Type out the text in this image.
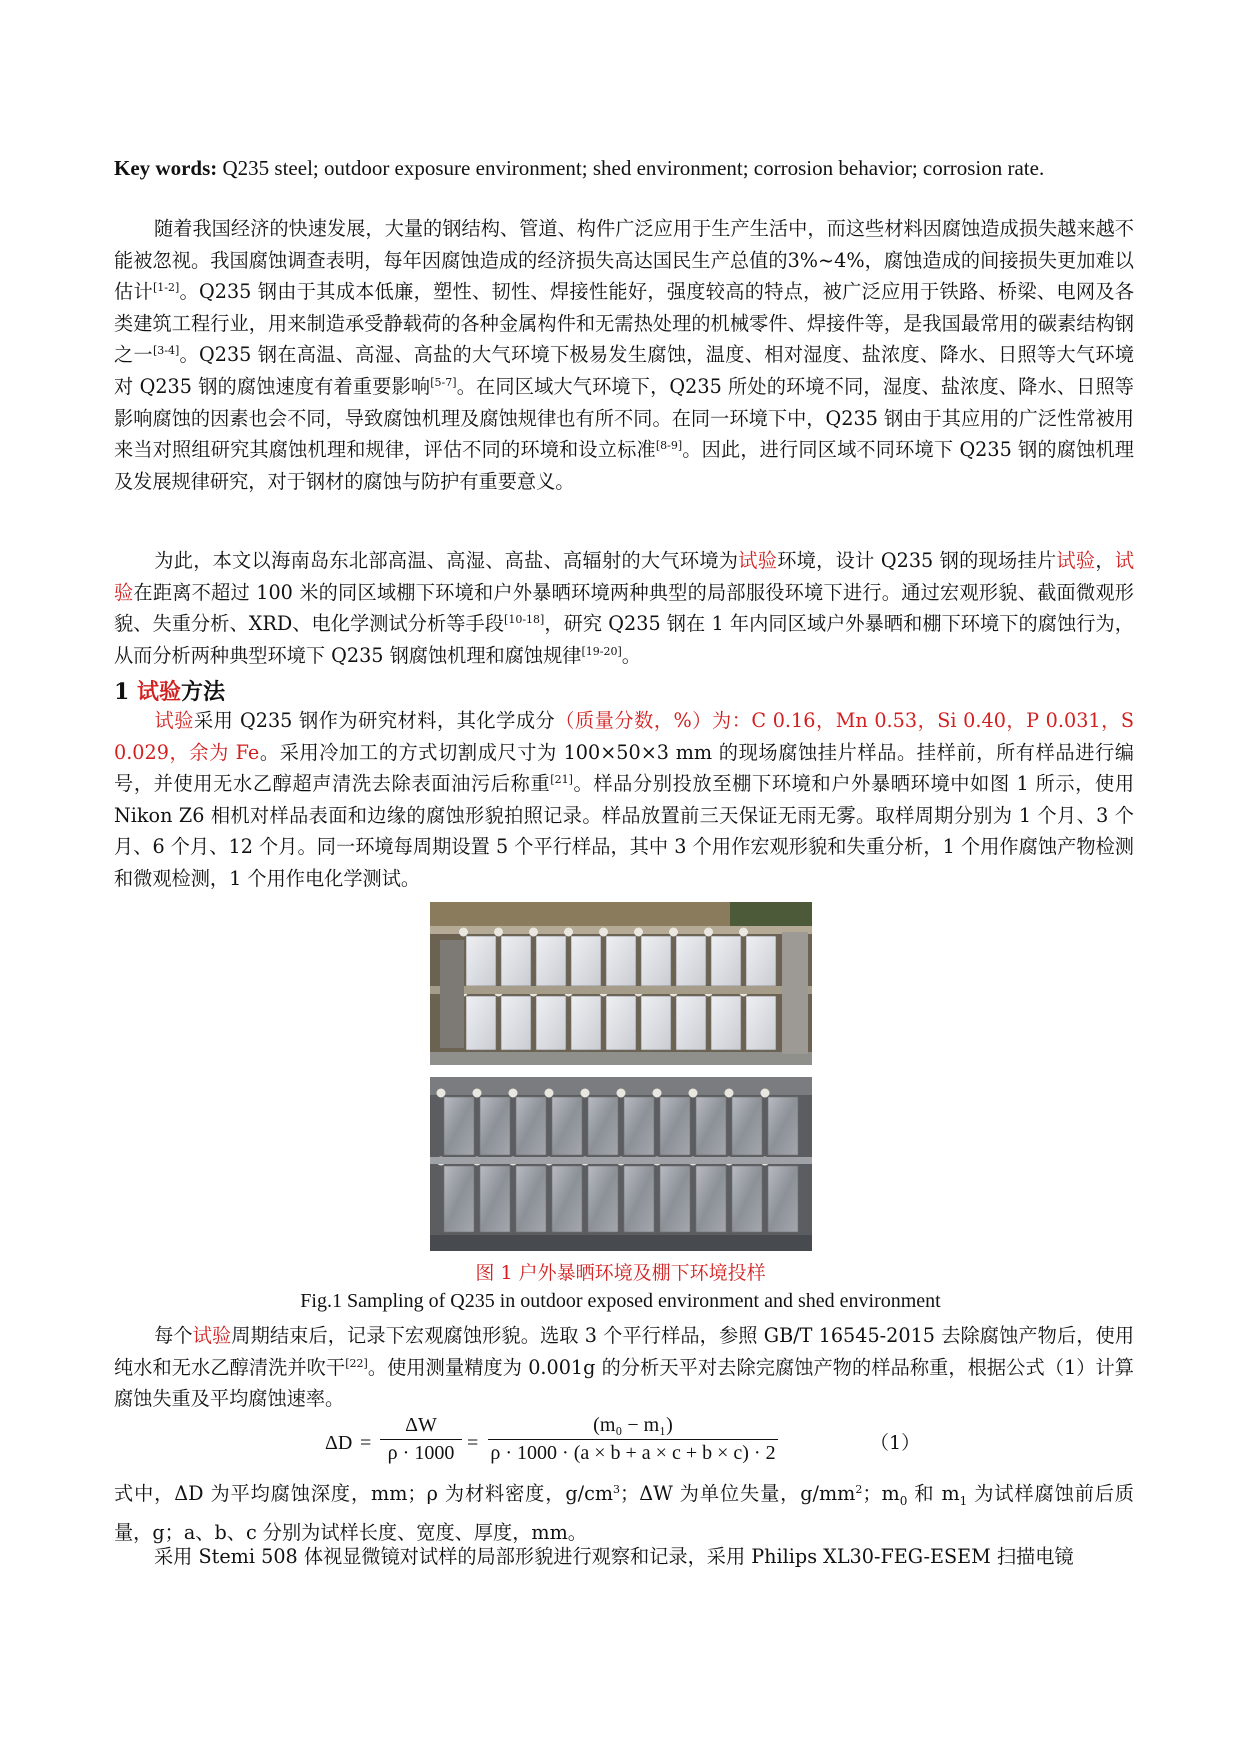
Key words: Q235 steel; outdoor exposure environment; shed environment; corrosion behavior; corrosion rate.
随着我国经济的快速发展，大量的钢结构、管道、构件广泛应用于生产生活中，而这些材料因腐蚀造成损失越来越不能被忽视。我国腐蚀调查表明，每年因腐蚀造成的经济损失高达国民生产总值的3%~4%，腐蚀造成的间接损失更加难以估计[1-2]。Q235 钢由于其成本低廉，塑性、韧性、焊接性能好，强度较高的特点，被广泛应用于铁路、桥梁、电网及各类建筑工程行业，用来制造承受静载荷的各种金属构件和无需热处理的机械零件、焊接件等，是我国最常用的碳素结构钢之一[3-4]。Q235 钢在高温、高湿、高盐的大气环境下极易发生腐蚀，温度、相对湿度、盐浓度、降水、日照等大气环境对 Q235 钢的腐蚀速度有着重要影响[5-7]。在同区域大气环境下，Q235 所处的环境不同，湿度、盐浓度、降水、日照等影响腐蚀的因素也会不同，导致腐蚀机理及腐蚀规律也有所不同。在同一环境下中，Q235 钢由于其应用的广泛性常被用来当对照组研究其腐蚀机理和规律，评估不同的环境和设立标准[8-9]。因此，进行同区域不同环境下 Q235 钢的腐蚀机理及发展规律研究，对于钢材的腐蚀与防护有重要意义。
为此，本文以海南岛东北部高温、高湿、高盐、高辐射的大气环境为试验环境，设计 Q235 钢的现场挂片试验，试验在距离不超过 100 米的同区域棚下环境和户外暴晒环境两种典型的局部服役环境下进行。通过宏观形貌、截面微观形貌、失重分析、XRD、电化学测试分析等手段[10-18]，研究 Q235 钢在 1 年内同区域户外暴晒和棚下环境下的腐蚀行为，从而分析两种典型环境下 Q235 钢腐蚀机理和腐蚀规律[19-20]。
1 试验方法
试验采用 Q235 钢作为研究材料，其化学成分（质量分数，%）为：C 0.16，Mn 0.53，Si 0.40，P 0.031，S 0.029，余为 Fe。采用冷加工的方式切割成尺寸为 100×50×3 mm 的现场腐蚀挂片样品。挂样前，所有样品进行编号，并使用无水乙醇超声清洗去除表面油污后称重[21]。样品分别投放至棚下环境和户外暴晒环境中如图 1 所示，使用 Nikon Z6 相机对样品表面和边缘的腐蚀形貌拍照记录。样品放置前三天保证无雨无雾。取样周期分别为 1 个月、3 个月、6 个月、12 个月。同一环境每周期设置 5 个平行样品，其中 3 个用作宏观形貌和失重分析，1 个用作腐蚀产物检测和微观检测，1 个用作电化学测试。
图 1 户外暴晒环境及棚下环境投样
Fig.1 Sampling of Q235 in outdoor exposed environment and shed environment
每个试验周期结束后，记录下宏观腐蚀形貌。选取 3 个平行样品，参照 GB/T 16545-2015 去除腐蚀产物后，使用纯水和无水乙醇清洗并吹干[22]。使用测量精度为 0.001g 的分析天平对去除完腐蚀产物的样品称重，根据公式（1）计算腐蚀失重及平均腐蚀速率。
$\Delta D = \frac{\Delta W}{\rho \cdot 1000} = \frac{\text{(m₀ − m₁)}}{\rho \cdot 1000 \cdot (a \times b + a \times c + b \times c) \cdot 2}$	（1）
式中，ΔD 为平均腐蚀深度，mm；ρ 为材料密度，$g/cm^3$；ΔW 为单位失量，$g/mm^2$；$m_0$ 和 $m_1$ 为试样腐蚀前后质量，g；a、b、c 分别为试样长度、宽度、厚度，mm。
采用 Stemi 508 体视显微镜对试样的局部形貌进行观察和记录，采用 Philips XL30-FEG-ESEM 扫描电镜
